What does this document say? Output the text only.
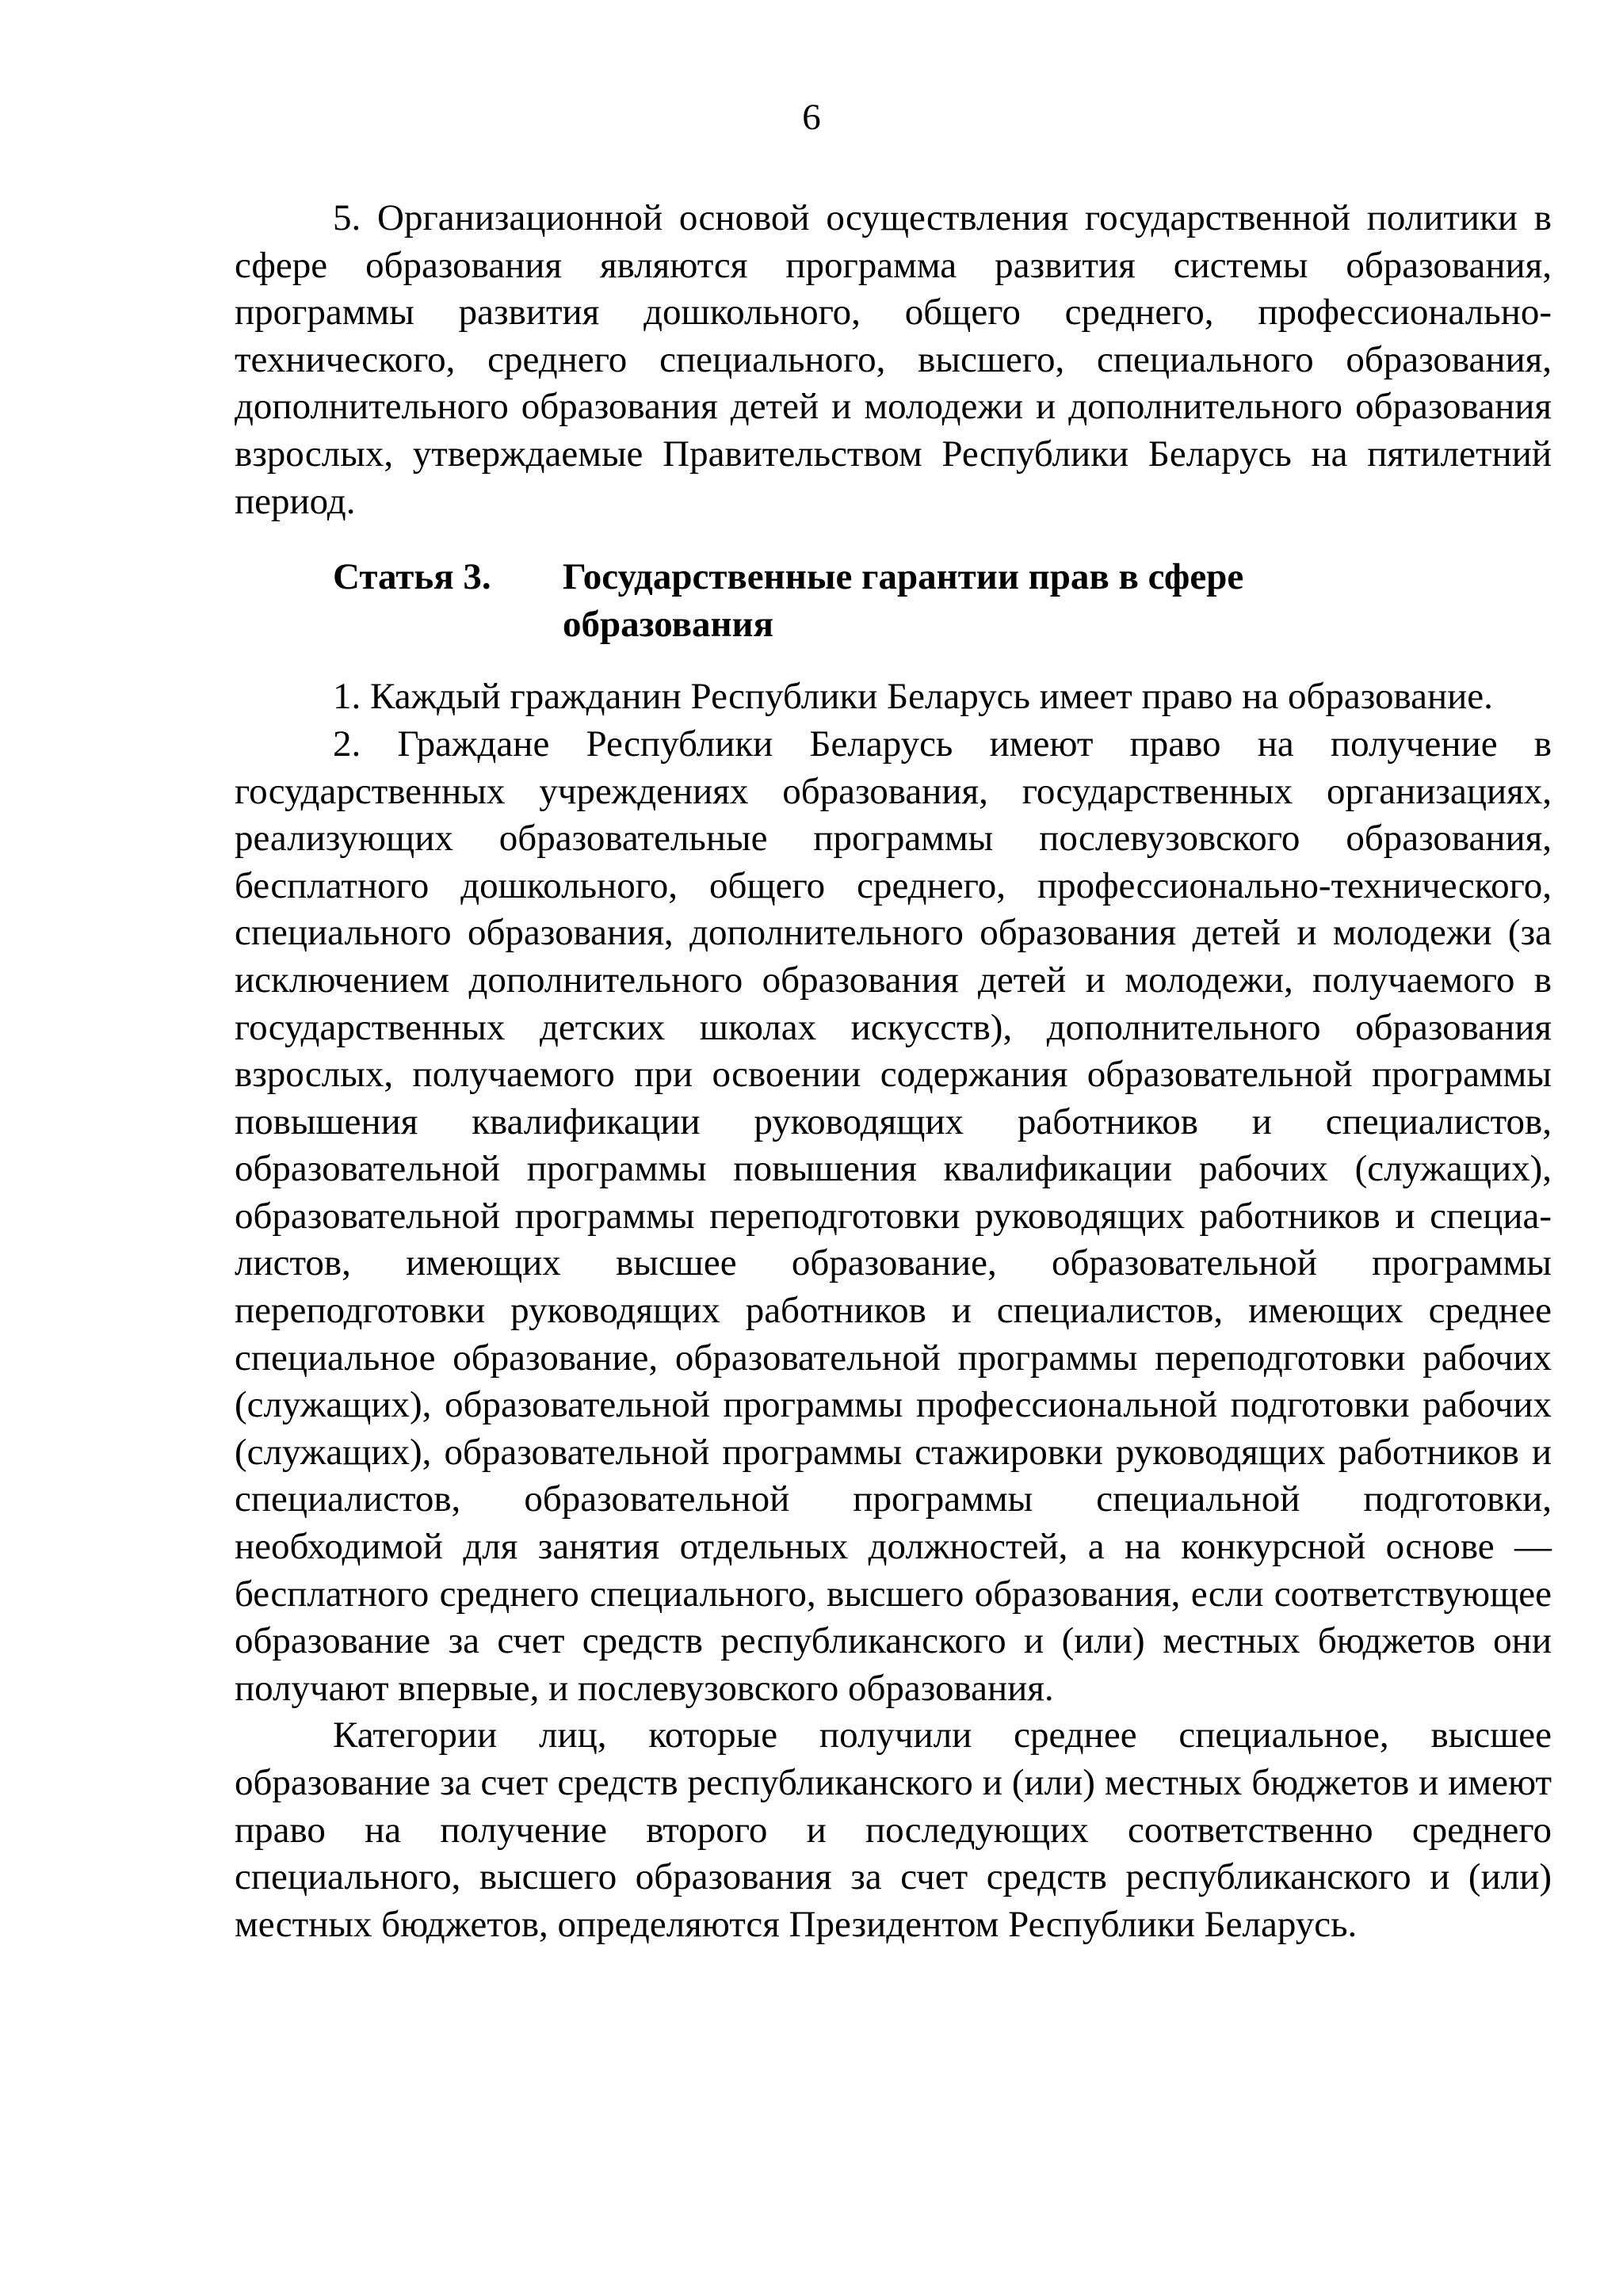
6

5. Организационной основой осуществления государственной политики в сфере образования являются программа развития системы образования, программы развития дошкольного, общего среднего, профессионально-технического, среднего специального, высшего, специального образования, дополнительного образования детей и молодежи и дополнительного образования взрослых, утверждаемые Правительством Республики Беларусь на пятилетний период.

Статья 3.	Государственные гарантии прав в сфере образования

1. Каждый гражданин Республики Беларусь имеет право на образование.

2. Граждане Республики Беларусь имеют право на получение в государственных учреждениях образования, государственных организациях, реализующих образовательные программы послевузовского образования, бесплатного дошкольного, общего среднего, профессионально-технического, специального образования, дополнительного образования детей и молодежи (за исключением дополнительного образования детей и молодежи, получаемого в государственных детских школах искусств), дополнительного образования взрослых, получаемого при освоении содержания образовательной программы повышения квалификации руководящих работников и специалистов, образовательной программы повышения квалификации рабочих (служащих), образовательной программы переподготовки руководящих работников и специалистов, имеющих высшее образование, образовательной программы переподготовки руководящих работников и специалистов, имеющих среднее специальное образование, образовательной программы переподготовки рабочих (служащих), образовательной программы профессиональной подготовки рабочих (служащих), образовательной программы стажировки руководящих работников и специалистов, образовательной программы специальной подготовки, необходимой для занятия отдельных должностей, а на конкурсной основе — бесплатного среднего специального, высшего образования, если соответствующее образование за счет средств республиканского и (или) местных бюджетов они получают впервые, и послевузовского образования.

Категории лиц, которые получили среднее специальное, высшее образование за счет средств республиканского и (или) местных бюджетов и имеют право на получение второго и последующих соответственно среднего специального, высшего образования за счет средств республиканского и (или) местных бюджетов, определяются Президентом Республики Беларусь.
